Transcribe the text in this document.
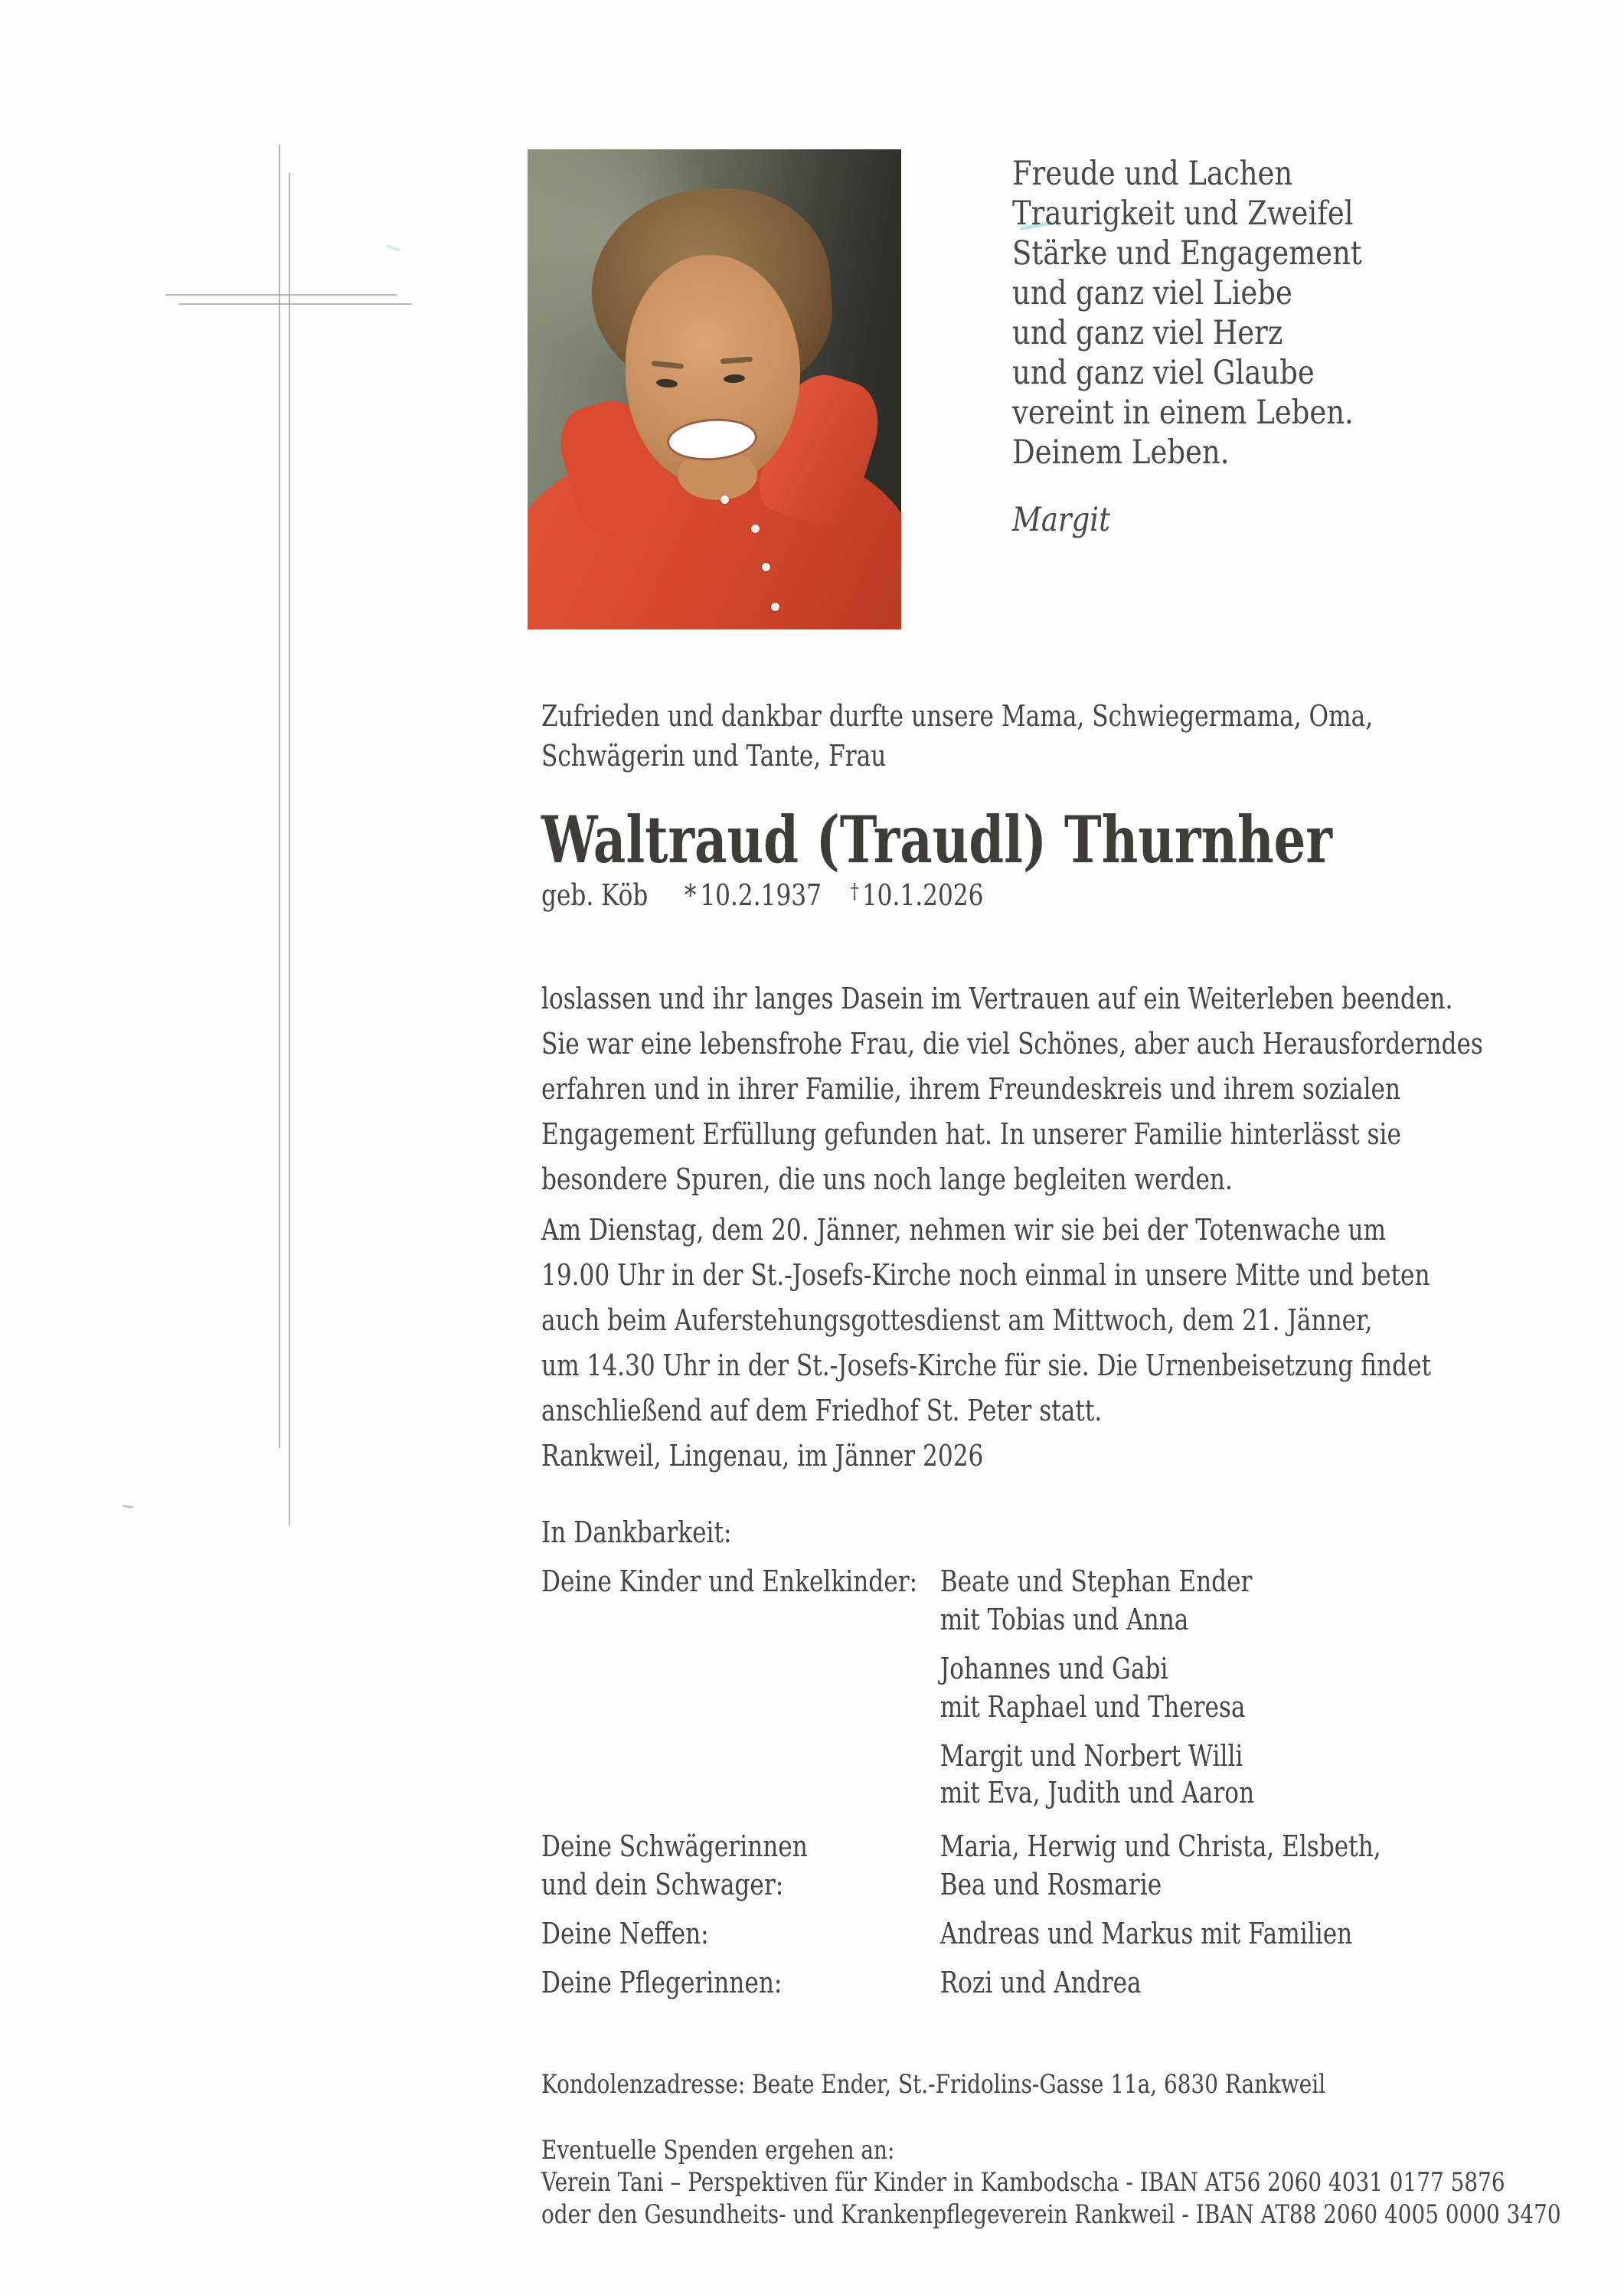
Freude und Lachen
Traurigkeit und Zweifel
Stärke und Engagement
und ganz viel Liebe
und ganz viel Herz
und ganz viel Glaube
vereint in einem Leben.
Deinem Leben.
Margit
Zufrieden und dankbar durfte unsere Mama, Schwiegermama, Oma,
Schwägerin und Tante, Frau
Waltraud (Traudl) Thurnher
geb. Köb * 10.2.1937 † 10.1.2026
loslassen und ihr langes Dasein im Vertrauen auf ein Weiterleben beenden.
Sie war eine lebensfrohe Frau, die viel Schönes, aber auch Herausforderndes
erfahren und in ihrer Familie, ihrem Freundeskreis und ihrem sozialen
Engagement Erfüllung gefunden hat. In unserer Familie hinterlässt sie
besondere Spuren, die uns noch lange begleiten werden.
Am Dienstag, dem 20. Jänner, nehmen wir sie bei der Totenwache um
19.00 Uhr in der St.-Josefs-Kirche noch einmal in unsere Mitte und beten
auch beim Auferstehungsgottesdienst am Mittwoch, dem 21. Jänner,
um 14.30 Uhr in der St.-Josefs-Kirche für sie. Die Urnenbeisetzung findet
anschließend auf dem Friedhof St. Peter statt.
Rankweil, Lingenau, im Jänner 2026
In Dankbarkeit:
Deine Kinder und Enkelkinder: Beate und Stephan Ender
mit Tobias und Anna
Johannes und Gabi
mit Raphael und Theresa
Margit und Norbert Willi
mit Eva, Judith und Aaron
Deine Schwägerinnen	Maria, Herwig und Christa, Elsbeth,
und dein Schwager:	Bea und Rosmarie
Deine Neffen:	Andreas und Markus mit Familien
Deine Pflegerinnen:	Rozi und Andrea
Kondolenzadresse: Beate Ender, St.-Fridolins-Gasse 11a, 6830 Rankweil
Eventuelle Spenden ergehen an:
Verein Tani – Perspektiven für Kinder in Kambodscha - IBAN AT56 2060 4031 0177 5876
oder den Gesundheits- und Krankenpflegeverein Rankweil - IBAN AT88 2060 4005 0000 3470
